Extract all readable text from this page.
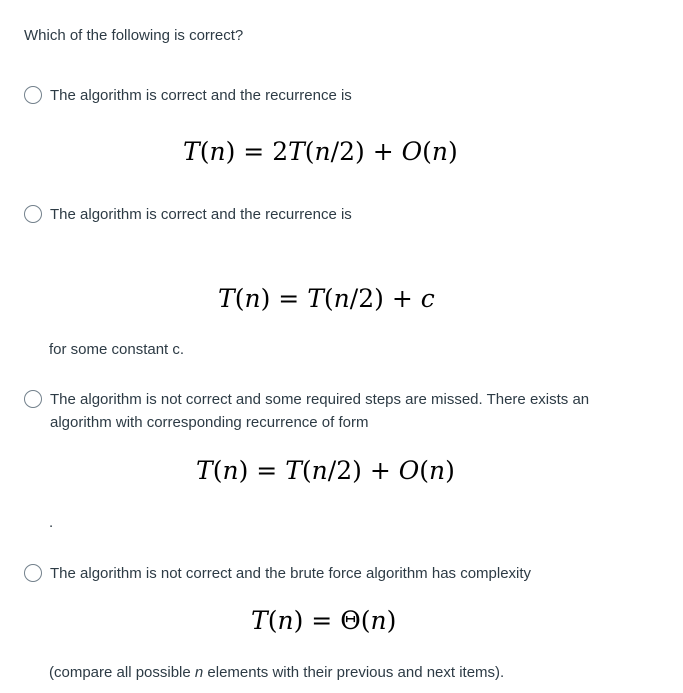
Which of the following is correct?
The algorithm is correct and the recurrence is
T(n) = 2T(n/2) + O(n)
The algorithm is correct and the recurrence is
T(n) = T(n/2) + c
for some constant c.
The algorithm is not correct and some required steps are missed. There exists an algorithm with corresponding recurrence of form
T(n) = T(n/2) + O(n)
.
The algorithm is not correct and the brute force algorithm has complexity
T(n) = Θ(n)
(compare all possible n elements with their previous and next items).
